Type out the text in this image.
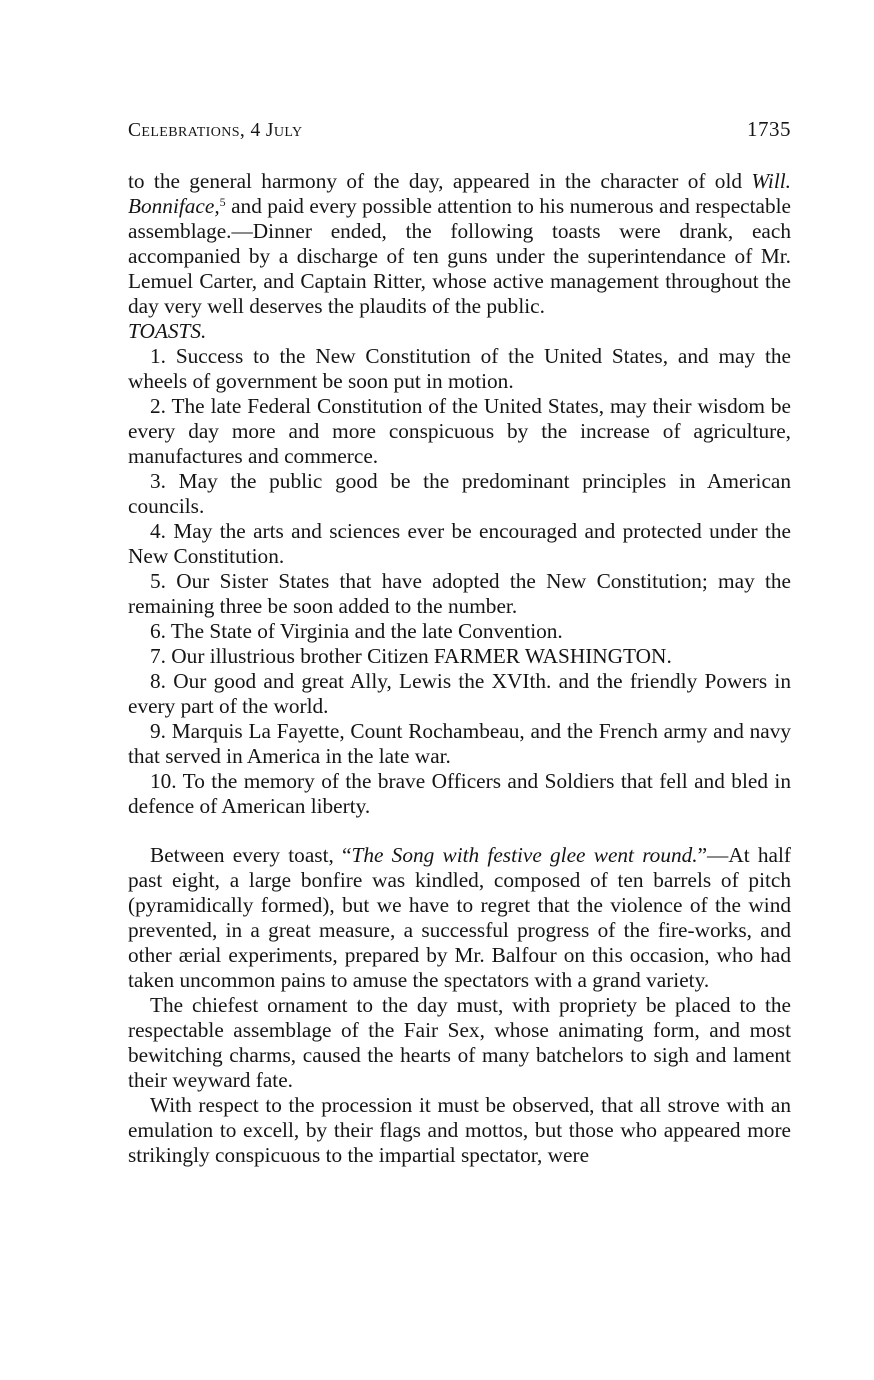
Celebrations, 4 July	1735

to the general harmony of the day, appeared in the character of old Will. Bonniface,$^5$ and paid every possible attention to his numerous and respectable assemblage.—Dinner ended, the following toasts were drank, each accompanied by a discharge of ten guns under the superintendance of Mr. Lemuel Carter, and Captain Ritter, whose active management throughout the day very well deserves the plaudits of the public.

TOASTS.

1. Success to the New Constitution of the United States, and may the wheels of government be soon put in motion.

2. The late Federal Constitution of the United States, may their wisdom be every day more and more conspicuous by the increase of agriculture, manufactures and commerce.

3. May the public good be the predominant principles in American councils.

4. May the arts and sciences ever be encouraged and protected under the New Constitution.

5. Our Sister States that have adopted the New Constitution; may the remaining three be soon added to the number.

6. The State of Virginia and the late Convention.

7. Our illustrious brother Citizen FARMER WASHINGTON.

8. Our good and great Ally, Lewis the XVIth. and the friendly Powers in every part of the world.

9. Marquis La Fayette, Count Rochambeau, and the French army and navy that served in America in the late war.

10. To the memory of the brave Officers and Soldiers that fell and bled in defence of American liberty.

Between every toast, “The Song with festive glee went round.”—At half past eight, a large bonfire was kindled, composed of ten barrels of pitch (pyramidically formed), but we have to regret that the violence of the wind prevented, in a great measure, a successful progress of the fire-works, and other ærial experiments, prepared by Mr. Balfour on this occasion, who had taken uncommon pains to amuse the spectators with a grand variety.

The chiefest ornament to the day must, with propriety be placed to the respectable assemblage of the Fair Sex, whose animating form, and most bewitching charms, caused the hearts of many batchelors to sigh and lament their weyward fate.

With respect to the procession it must be observed, that all strove with an emulation to excell, by their flags and mottos, but those who appeared more strikingly conspicuous to the impartial spectator, were
